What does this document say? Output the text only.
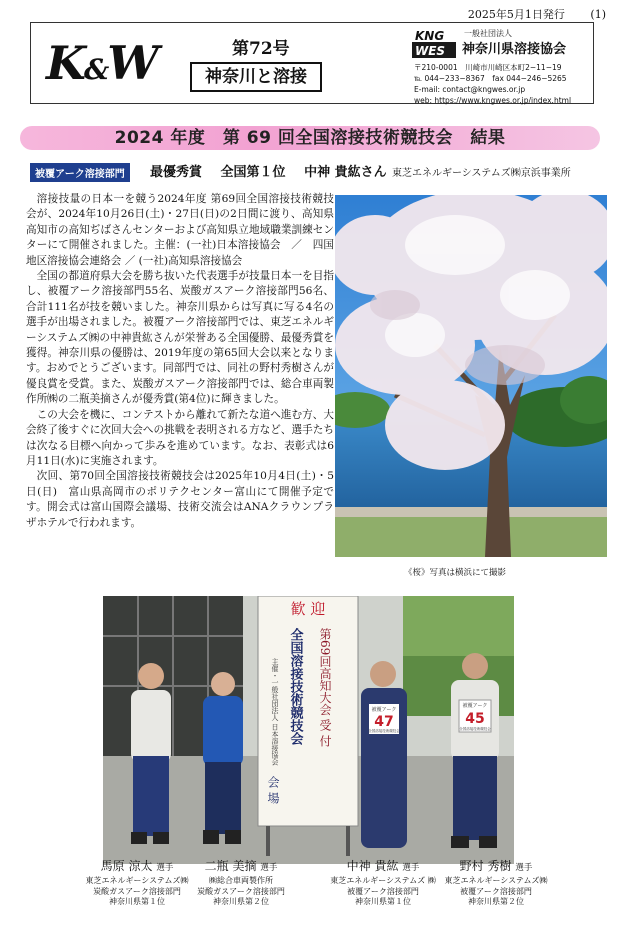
2025年5月1日発行 (1)
K&W	第72号
神奈川と溶接
KNG
WES
一般社団法人
神奈川県溶接協会
〒210-0001　川崎市川崎区本町2−11−19
℡ 044−233−8367　fax 044−246−5265
E-mail: contact@kngwes.or.jp
web: https://www.kngwes.or.jp/index.html
2024 年度　第 69 回全国溶接技術競技会　結果
被覆アーク溶接部門	最優秀賞 全国第１位 中神 貴紘さん 東芝エネルギーシステムズ㈱京浜事業所

溶接技量の日本一を競う2024年度 第69回全国溶接技術競技会が、2024年10月26日(土)・27日(日)の2日間に渡り、高知県高知市の高知ぢばさんセンターおよび高知県立地域職業訓練センターにて開催されました。主催：(一社)日本溶接協会　／　四国地区溶接協会連絡会 ／ (一社)高知県溶接協会

全国の都道府県大会を勝ち抜いた代表選手が技量日本一を目指し、被覆アーク溶接部門55名、炭酸ガスアーク溶接部門56名、合計111名が技を競いました。神奈川県からは写真に写る4名の選手が出場されました。被覆アーク溶接部門では、東芝エネルギーシステムズ㈱の中神貴紘さんが栄誉ある全国優勝、最優秀賞を獲得。神奈川県の優勝は、2019年度の第65回大会以来となります。おめでとうございます。同部門では、同社の野村秀樹さんが優良賞を受賞。また、炭酸ガスアーク溶接部門では、総合車両製作所㈱の二瓶美摘さんが優秀賞(第4位)に輝きました。

この大会を機に、コンテストから離れて新たな道へ進む方、大会終了後すぐに次回大会への挑戦を表明される方など、選手たちは次なる目標へ向かって歩みを進めています。なお、表彰式は6月11日(水)に実施されます。

次回、第70回全国溶接技術競技会は2025年10月4日(土)・5日(日)　富山県高岡市のポリテクセンター富山にて開催予定です。開会式は富山国際会議場、技術交流会はANAクラウンプラザホテルで行われます。

《桜》写真は横浜にて撮影
歓 迎
全国溶接技術競技会 第69回高知大会 受 付
会 場
主催・一般社団法人 日本溶接協会	被覆アーク
47
全国溶接技術競技会
被覆アーク
45
全国溶接技術競技会
馬原 涼太 選手
東芝エネルギーシステムズ㈱
炭酸ガスアーク溶接部門
神奈川県第１位
二瓶 美摘 選手
㈱総合車両製作所
炭酸ガスアーク溶接部門
神奈川県第２位
中神 貴紘 選手
東芝エネルギーシステムズ ㈱
被覆アーク溶接部門
神奈川県第１位
野村 秀樹 選手
東芝エネルギーシステムズ㈱
被覆アーク溶接部門
神奈川県第２位
